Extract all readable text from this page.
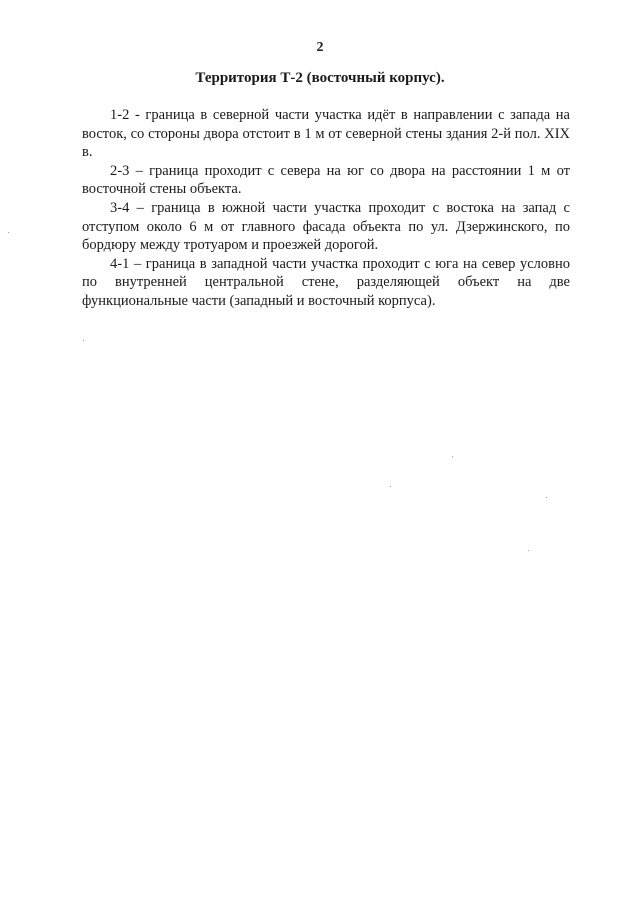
2
Территория Т-2 (восточный корпус).

1-2 - граница в северной части участка идёт в направлении с запада на восток, со стороны двора отстоит в 1 м от северной стены здания 2-й пол. XIX в.

2-3 – граница проходит с севера на юг со двора на расстоянии 1 м от восточной стены объекта.

3-4 – граница в южной части участка проходит с востока на запад с отступом около 6 м от главного фасада объекта по ул. Дзержинского, по бордюру между тротуаром и проезжей дорогой.

4-1 – граница в западной части участка проходит с юга на север условно по внутренней центральной стене, разделяющей объект на две функциональные части (западный и восточный корпуса).
